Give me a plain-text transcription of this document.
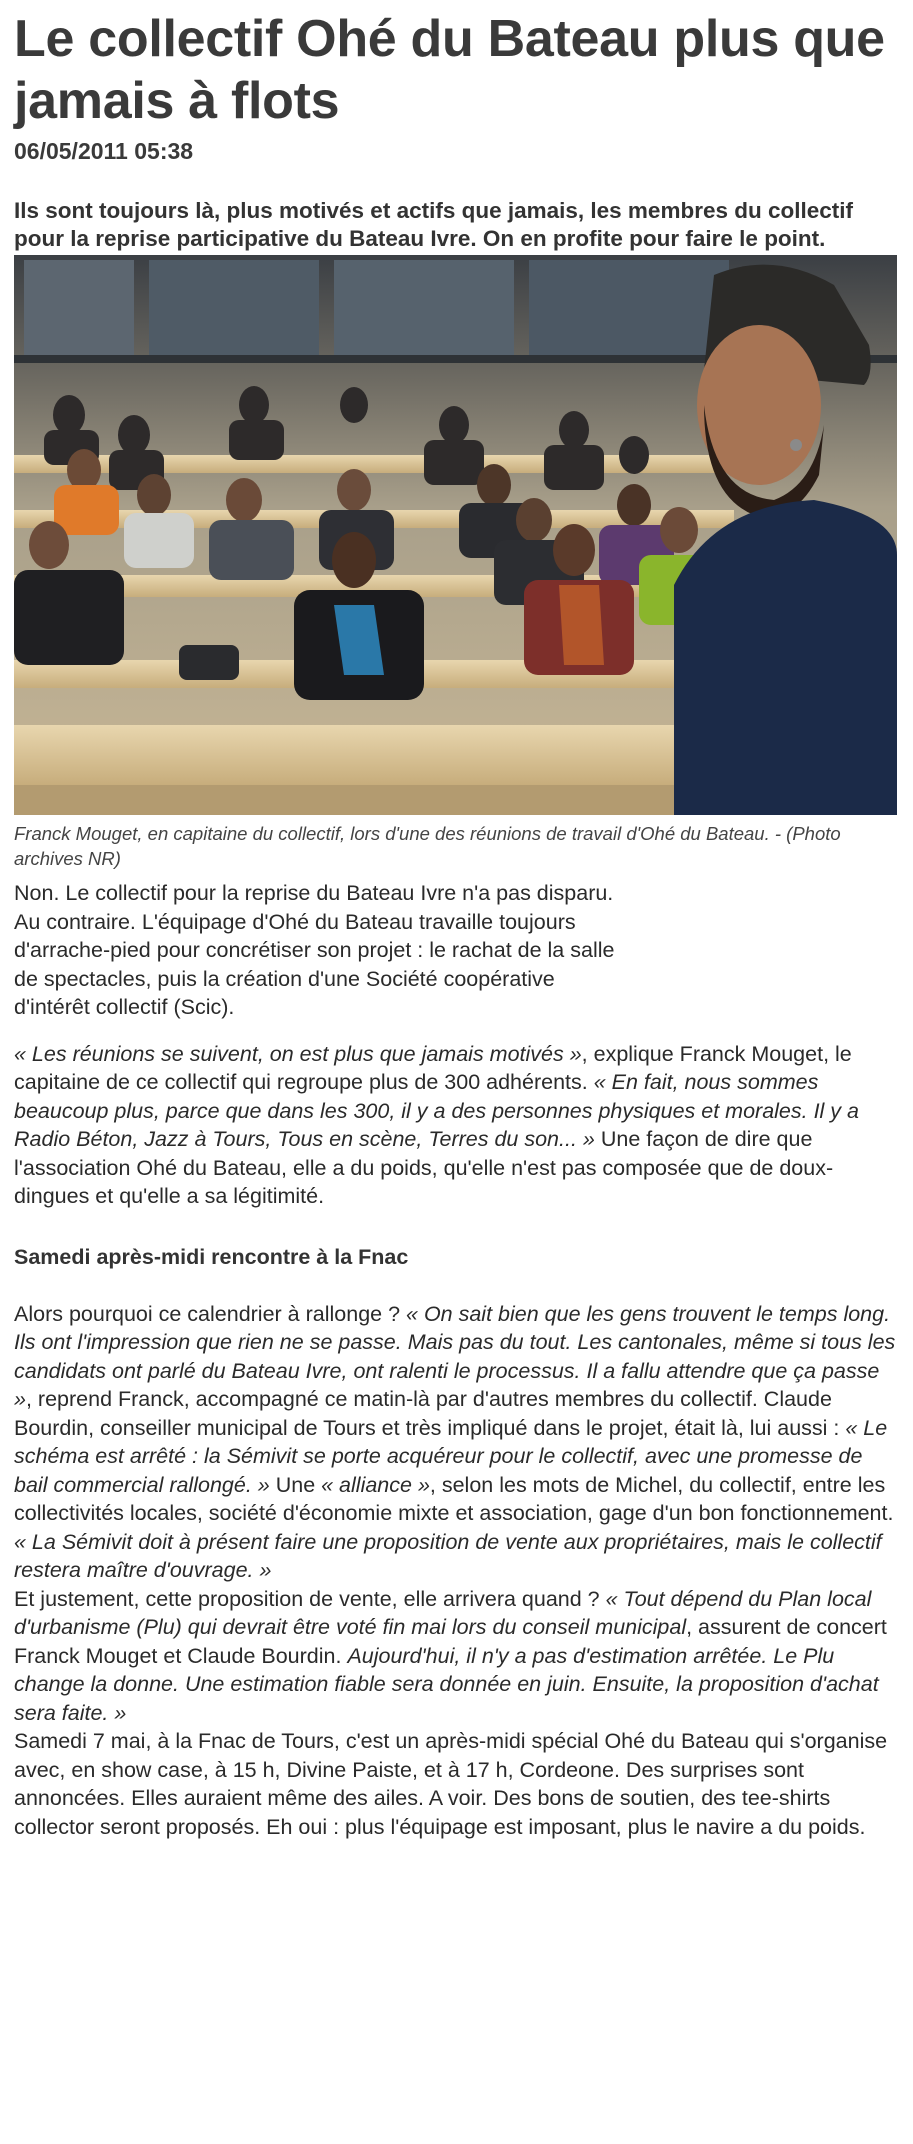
Le collectif Ohé du Bateau plus que jamais à flots
06/05/2011 05:38
Ils sont toujours là, plus motivés et actifs que jamais, les membres du collectif pour la reprise participative du Bateau Ivre. On en profite pour faire le point.
Franck Mouget, en capitaine du collectif, lors d'une des réunions de travail d'Ohé du Bateau. - (Photo archives NR)
Non. Le collectif pour la reprise du Bateau Ivre n'a pas disparu. Au contraire. L'équipage d'Ohé du Bateau travaille toujours d'arrache-pied pour concrétiser son projet : le rachat de la salle de spectacles, puis la création d'une Société coopérative d'intérêt collectif (Scic).
« Les réunions se suivent, on est plus que jamais motivés », explique Franck Mouget, le capitaine de ce collectif qui regroupe plus de 300 adhérents. « En fait, nous sommes beaucoup plus, parce que dans les 300, il y a des personnes physiques et morales. Il y a Radio Béton, Jazz à Tours, Tous en scène, Terres du son... » Une façon de dire que l'association Ohé du Bateau, elle a du poids, qu'elle n'est pas composée que de doux-dingues et qu'elle a sa légitimité.
Samedi après-midi rencontre à la Fnac
Alors pourquoi ce calendrier à rallonge ? « On sait bien que les gens trouvent le temps long. Ils ont l'impression que rien ne se passe. Mais pas du tout. Les cantonales, même si tous les candidats ont parlé du Bateau Ivre, ont ralenti le processus. Il a fallu attendre que ça passe », reprend Franck, accompagné ce matin-là par d'autres membres du collectif. Claude Bourdin, conseiller municipal de Tours et très impliqué dans le projet, était là, lui aussi : « Le schéma est arrêté : la Sémivit se porte acquéreur pour le collectif, avec une promesse de bail commercial rallongé. » Une « alliance », selon les mots de Michel, du collectif, entre les collectivités locales, société d'économie mixte et association, gage d'un bon fonctionnement. « La Sémivit doit à présent faire une proposition de vente aux propriétaires, mais le collectif restera maître d'ouvrage. »
Et justement, cette proposition de vente, elle arrivera quand ? « Tout dépend du Plan local d'urbanisme (Plu) qui devrait être voté fin mai lors du conseil municipal, assurent de concert Franck Mouget et Claude Bourdin. Aujourd'hui, il n'y a pas d'estimation arrêtée. Le Plu change la donne. Une estimation fiable sera donnée en juin. Ensuite, la proposition d'achat sera faite. »
Samedi 7 mai, à la Fnac de Tours, c'est un après-midi spécial Ohé du Bateau qui s'organise avec, en show case, à 15 h, Divine Paiste, et à 17 h, Cordeone. Des surprises sont annoncées. Elles auraient même des ailes. A voir. Des bons de soutien, des tee-shirts collector seront proposés. Eh oui : plus l'équipage est imposant, plus le navire a du poids.
